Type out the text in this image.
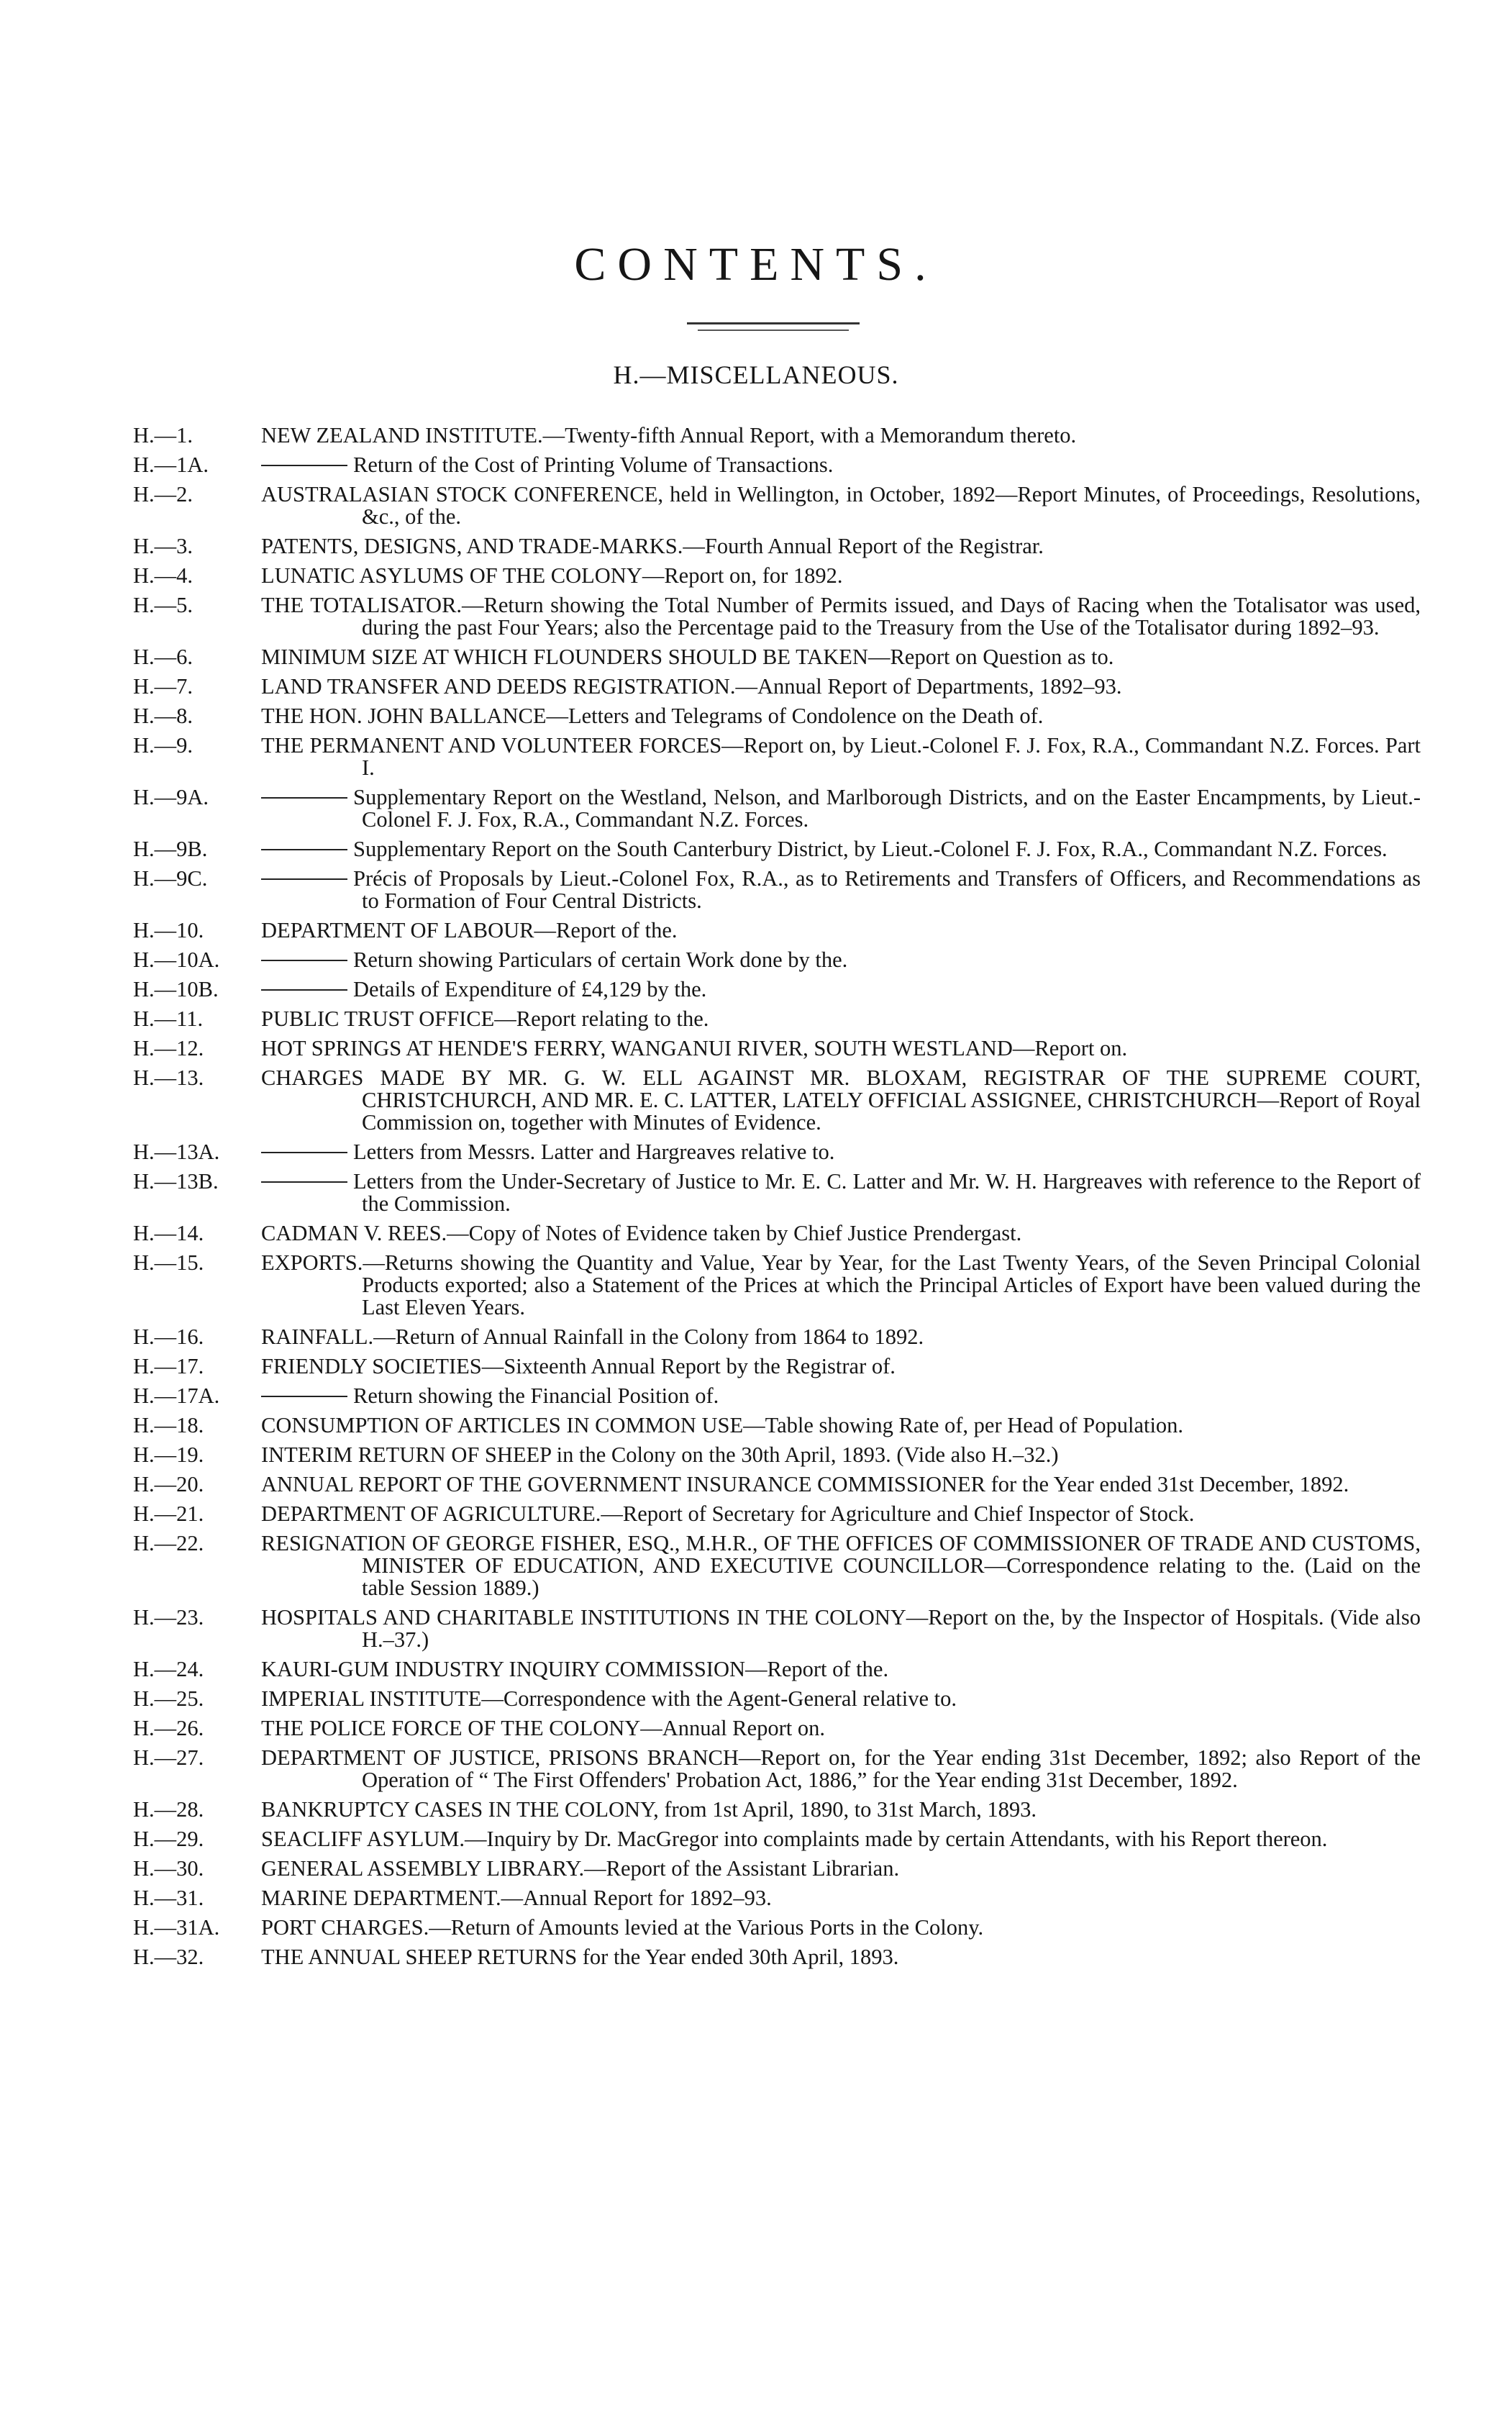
CONTENTS.
H.—MISCELLANEOUS.
H.—1.	NEW ZEALAND INSTITUTE.—Twenty-fifth Annual Report, with a Memorandum thereto.
H.—1A.	Return of the Cost of Printing Volume of Transactions.
H.—2.	AUSTRALASIAN STOCK CONFERENCE, held in Wellington, in October, 1892—Report Minutes, of Proceedings, Resolutions, &c., of the.
H.—3.	PATENTS, DESIGNS, AND TRADE-MARKS.—Fourth Annual Report of the Registrar.
H.—4.	LUNATIC ASYLUMS OF THE COLONY—Report on, for 1892.
H.—5.	THE TOTALISATOR.—Return showing the Total Number of Permits issued, and Days of Racing when the Totalisator was used, during the past Four Years; also the Percentage paid to the Treasury from the Use of the Totalisator during 1892–93.
H.—6.	MINIMUM SIZE AT WHICH FLOUNDERS SHOULD BE TAKEN—Report on Question as to.
H.—7.	LAND TRANSFER AND DEEDS REGISTRATION.—Annual Report of Departments, 1892–93.
H.—8.	THE HON. JOHN BALLANCE—Letters and Telegrams of Condolence on the Death of.
H.—9.	THE PERMANENT AND VOLUNTEER FORCES—Report on, by Lieut.-Colonel F. J. Fox, R.A., Commandant N.Z. Forces. Part I.
H.—9A.	Supplementary Report on the Westland, Nelson, and Marlborough Districts, and on the Easter Encampments, by Lieut.-Colonel F. J. Fox, R.A., Commandant N.Z. Forces.
H.—9B.	Supplementary Report on the South Canterbury District, by Lieut.-Colonel F. J. Fox, R.A., Commandant N.Z. Forces.
H.—9C.	Précis of Proposals by Lieut.-Colonel Fox, R.A., as to Retirements and Transfers of Officers, and Recommendations as to Formation of Four Central Districts.
H.—10.	DEPARTMENT OF LABOUR—Report of the.
H.—10A.	Return showing Particulars of certain Work done by the.
H.—10B.	Details of Expenditure of £4,129 by the.
H.—11.	PUBLIC TRUST OFFICE—Report relating to the.
H.—12.	HOT SPRINGS AT HENDE'S FERRY, WANGANUI RIVER, SOUTH WESTLAND—Report on.
H.—13.	CHARGES MADE BY MR. G. W. ELL AGAINST MR. BLOXAM, REGISTRAR OF THE SUPREME COURT, CHRISTCHURCH, AND MR. E. C. LATTER, LATELY OFFICIAL ASSIGNEE, CHRISTCHURCH—Report of Royal Commission on, together with Minutes of Evidence.
H.—13A.	Letters from Messrs. Latter and Hargreaves relative to.
H.—13B.	Letters from the Under-Secretary of Justice to Mr. E. C. Latter and Mr. W. H. Hargreaves with reference to the Report of the Commission.
H.—14.	CADMAN V. REES.—Copy of Notes of Evidence taken by Chief Justice Prendergast.
H.—15.	EXPORTS.—Returns showing the Quantity and Value, Year by Year, for the Last Twenty Years, of the Seven Principal Colonial Products exported; also a Statement of the Prices at which the Principal Articles of Export have been valued during the Last Eleven Years.
H.—16.	RAINFALL.—Return of Annual Rainfall in the Colony from 1864 to 1892.
H.—17.	FRIENDLY SOCIETIES—Sixteenth Annual Report by the Registrar of.
H.—17A.	Return showing the Financial Position of.
H.—18.	CONSUMPTION OF ARTICLES IN COMMON USE—Table showing Rate of, per Head of Population.
H.—19.	INTERIM RETURN OF SHEEP in the Colony on the 30th April, 1893. (Vide also H.–32.)
H.—20.	ANNUAL REPORT OF THE GOVERNMENT INSURANCE COMMISSIONER for the Year ended 31st December, 1892.
H.—21.	DEPARTMENT OF AGRICULTURE.—Report of Secretary for Agriculture and Chief Inspector of Stock.
H.—22.	RESIGNATION OF GEORGE FISHER, ESQ., M.H.R., OF THE OFFICES OF COMMISSIONER OF TRADE AND CUSTOMS, MINISTER OF EDUCATION, AND EXECUTIVE COUNCILLOR—Correspondence relating to the. (Laid on the table Session 1889.)
H.—23.	HOSPITALS AND CHARITABLE INSTITUTIONS IN THE COLONY—Report on the, by the Inspector of Hospitals. (Vide also H.–37.)
H.—24.	KAURI-GUM INDUSTRY INQUIRY COMMISSION—Report of the.
H.—25.	IMPERIAL INSTITUTE—Correspondence with the Agent-General relative to.
H.—26.	THE POLICE FORCE OF THE COLONY—Annual Report on.
H.—27.	DEPARTMENT OF JUSTICE, PRISONS BRANCH—Report on, for the Year ending 31st December, 1892; also Report of the Operation of “ The First Offenders' Probation Act, 1886,” for the Year ending 31st December, 1892.
H.—28.	BANKRUPTCY CASES IN THE COLONY, from 1st April, 1890, to 31st March, 1893.
H.—29.	SEACLIFF ASYLUM.—Inquiry by Dr. MacGregor into complaints made by certain Attendants, with his Report thereon.
H.—30.	GENERAL ASSEMBLY LIBRARY.—Report of the Assistant Librarian.
H.—31.	MARINE DEPARTMENT.—Annual Report for 1892–93.
H.—31A.	PORT CHARGES.—Return of Amounts levied at the Various Ports in the Colony.
H.—32.	THE ANNUAL SHEEP RETURNS for the Year ended 30th April, 1893.
